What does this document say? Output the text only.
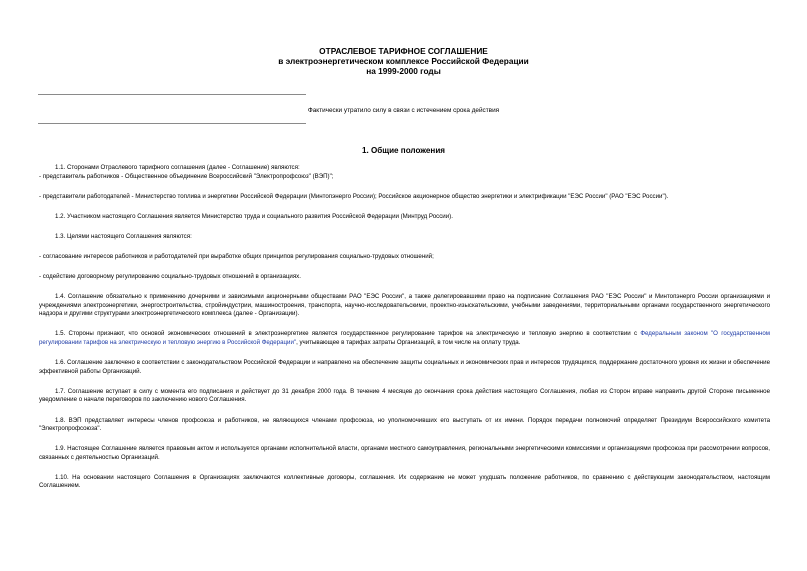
ОТРАСЛЕВОЕ ТАРИФНОЕ СОГЛАШЕНИЕ
в электроэнергетическом комплексе Российской Федерации
на 1999-2000 годы
Фактически утратило силу в связи с истечением срока действия
1. Общие положения

1.1. Сторонами Отраслевого тарифного соглашения (далее - Соглашение) являются:

- представитель работников - Общественное объединение Всероссийский "Электропрофсоюз" (ВЭП)";

- представители работодателей - Министерство топлива и энергетики Российской Федерации (Минтопэнерго России); Российское акционерное общество энергетики и электрификации "ЕЭС России" (РАО "ЕЭС России").

1.2. Участником настоящего Соглашения является Министерство труда и социального развития Российской Федерации (Минтруд России).

1.3. Целями настоящего Соглашения являются:

- согласование интересов работников и работодателей при выработке общих принципов регулирования социально-трудовых отношений;

- содействие договорному регулированию социально-трудовых отношений в организациях.

1.4. Соглашение обязательно к применению дочерними и зависимыми акционерными обществами РАО "ЕЭС России", а также делегировавшими право на подписание Соглашения РАО "ЕЭС России" и Минтопэнерго России организациями и учреждениями электроэнергетики, энергостроительства, стройиндустрии, машиностроения, транспорта, научно-исследовательскими, проектно-изыскательскими, учебными заведениями, территориальными органами государственного энергетического надзора и другими структурами электроэнергетического комплекса (далее - Организации).

1.5. Стороны признают, что основой экономических отношений в электроэнергетике является государственное регулирование тарифов на электрическую и тепловую энергию в соответствии с Федеральным законом "О государственном регулировании тарифов на электрическую и тепловую энергию в Российской Федерации", учитывающее в тарифах затраты Организаций, в том числе на оплату труда.

1.6. Соглашение заключено в соответствии с законодательством Российской Федерации и направлено на обеспечение защиты социальных и экономических прав и интересов трудящихся, поддержание достаточного уровня их жизни и обеспечение эффективной работы Организаций.

1.7. Соглашение вступает в силу с момента его подписания и действует до 31 декабря 2000 года. В течение 4 месяцев до окончания срока действия настоящего Соглашения, любая из Сторон вправе направить другой Стороне письменное уведомление о начале переговоров по заключению нового Соглашения.

1.8. ВЭП представляет интересы членов профсоюза и работников, не являющихся членами профсоюза, но уполномочивших его выступать от их имени. Порядок передачи полномочий определяет Президиум Всероссийского комитета "Электропрофсоюза".

1.9. Настоящее Соглашение является правовым актом и используется органами исполнительной власти, органами местного самоуправления, региональными энергетическими комиссиями и организациями профсоюза при рассмотрении вопросов, связанных с деятельностью Организаций.

1.10. На основании настоящего Соглашения в Организациях заключаются коллективные договоры, соглашения. Их содержание не может ухудшать положение работников, по сравнению с действующим законодательством, настоящим Соглашением.
